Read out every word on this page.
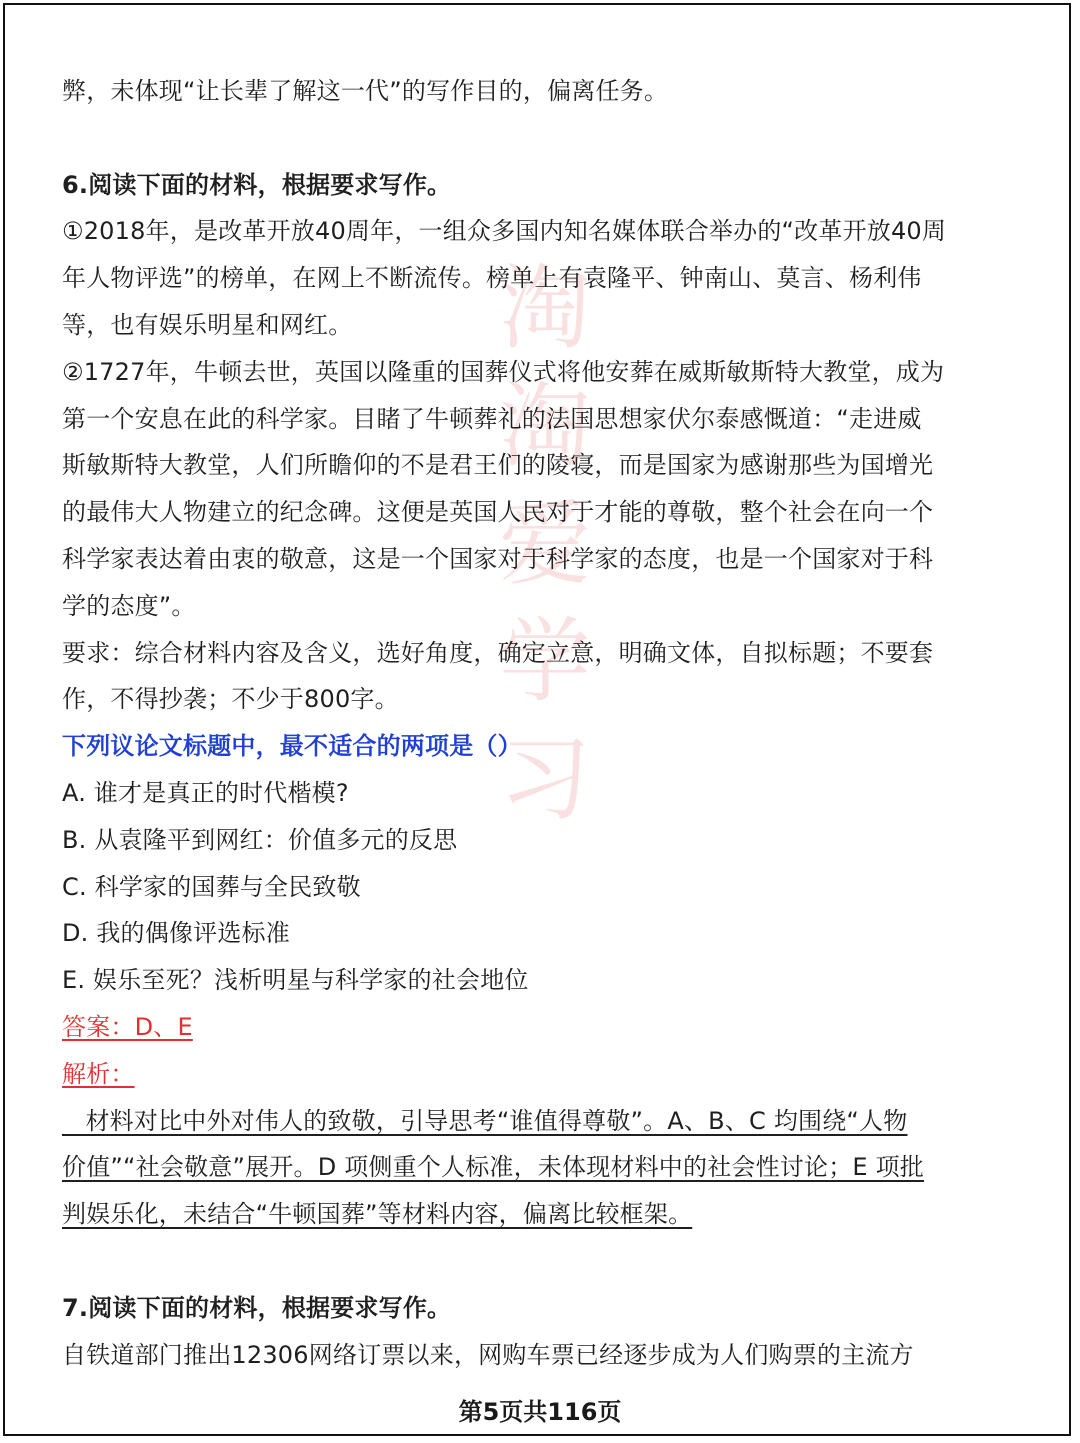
淘
淘
爱
学
习
弊，未体现“让长辈了解这一代”的写作目的，偏离任务。
6.阅读下面的材料，根据要求写作。
①2018年，是改革开放40周年，一组众多国内知名媒体联合举办的“改革开放40周
年人物评选”的榜单，在网上不断流传。榜单上有袁隆平、钟南山、莫言、杨利伟
等，也有娱乐明星和网红。
②1727年，牛顿去世，英国以隆重的国葬仪式将他安葬在威斯敏斯特大教堂，成为
第一个安息在此的科学家。目睹了牛顿葬礼的法国思想家伏尔泰感慨道：“走进威
斯敏斯特大教堂，人们所瞻仰的不是君王们的陵寝，而是国家为感谢那些为国增光
的最伟大人物建立的纪念碑。这便是英国人民对于才能的尊敬，整个社会在向一个
科学家表达着由衷的敬意，这是一个国家对于科学家的态度，也是一个国家对于科
学的态度”。
要求：综合材料内容及含义，选好角度，确定立意，明确文体，自拟标题；不要套
作，不得抄袭；不少于800字。
下列议论文标题中，最不适合的两项是（）
A. 谁才是真正的时代楷模?
B. 从袁隆平到网红：价值多元的反思
C. 科学家的国葬与全民致敬
D. 我的偶像评选标准
E. 娱乐至死？浅析明星与科学家的社会地位
答案：D、E
解析：
材料对比中外对伟人的致敬，引导思考“谁值得尊敬”。A、B、C 均围绕“人物
价值”“社会敬意”展开。D 项侧重个人标准，未体现材料中的社会性讨论；E 项批
判娱乐化，未结合“牛顿国葬”等材料内容，偏离比较框架。
7.阅读下面的材料，根据要求写作。
自铁道部门推出12306网络订票以来，网购车票已经逐步成为人们购票的主流方
第5页共116页
